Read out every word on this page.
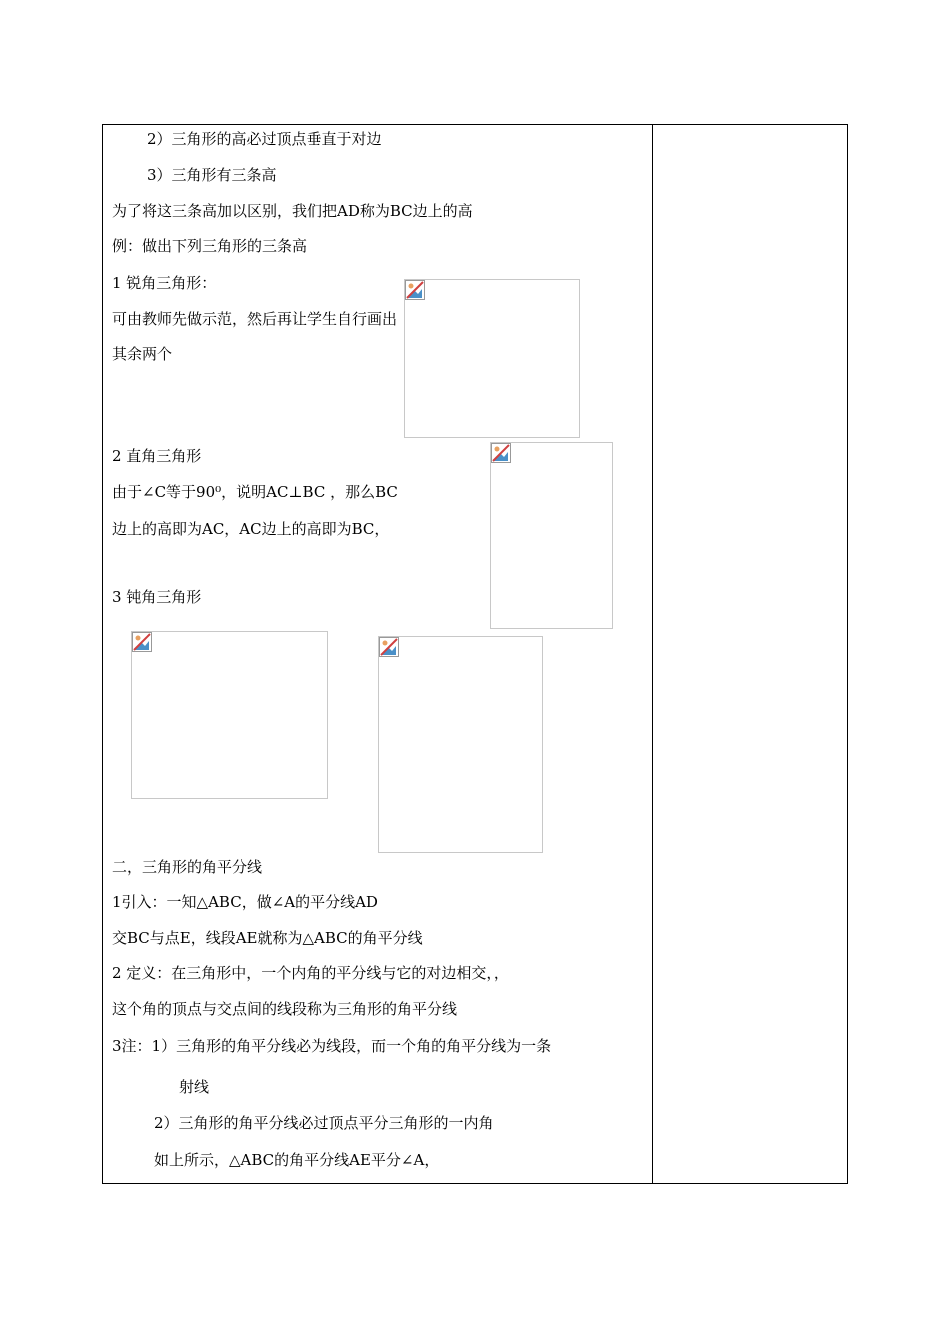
2）三角形的高必过顶点垂直于对边
3）三角形有三条高
为了将这三条高加以区别，我们把AD称为BC边上的高
例：做出下列三角形的三条高
1 锐角三角形：
可由教师先做示范，然后再让学生自行画出
其余两个
2 直角三角形
由于∠C等于90⁰，说明AC⊥BC ，那么BC
边上的高即为AC，AC边上的高即为BC，
3 钝角三角形
二，三角形的角平分线
1引入：一知△ABC，做∠A的平分线AD
交BC与点E，线段AE就称为△ABC的角平分线
2 定义：在三角形中，一个内角的平分线与它的对边相交，，
这个角的顶点与交点间的线段称为三角形的角平分线
3注：1）三角形的角平分线必为线段，而一个角的角平分线为一条
射线
2）三角形的角平分线必过顶点平分三角形的一内角
如上所示，△ABC的角平分线AE平分∠A，
